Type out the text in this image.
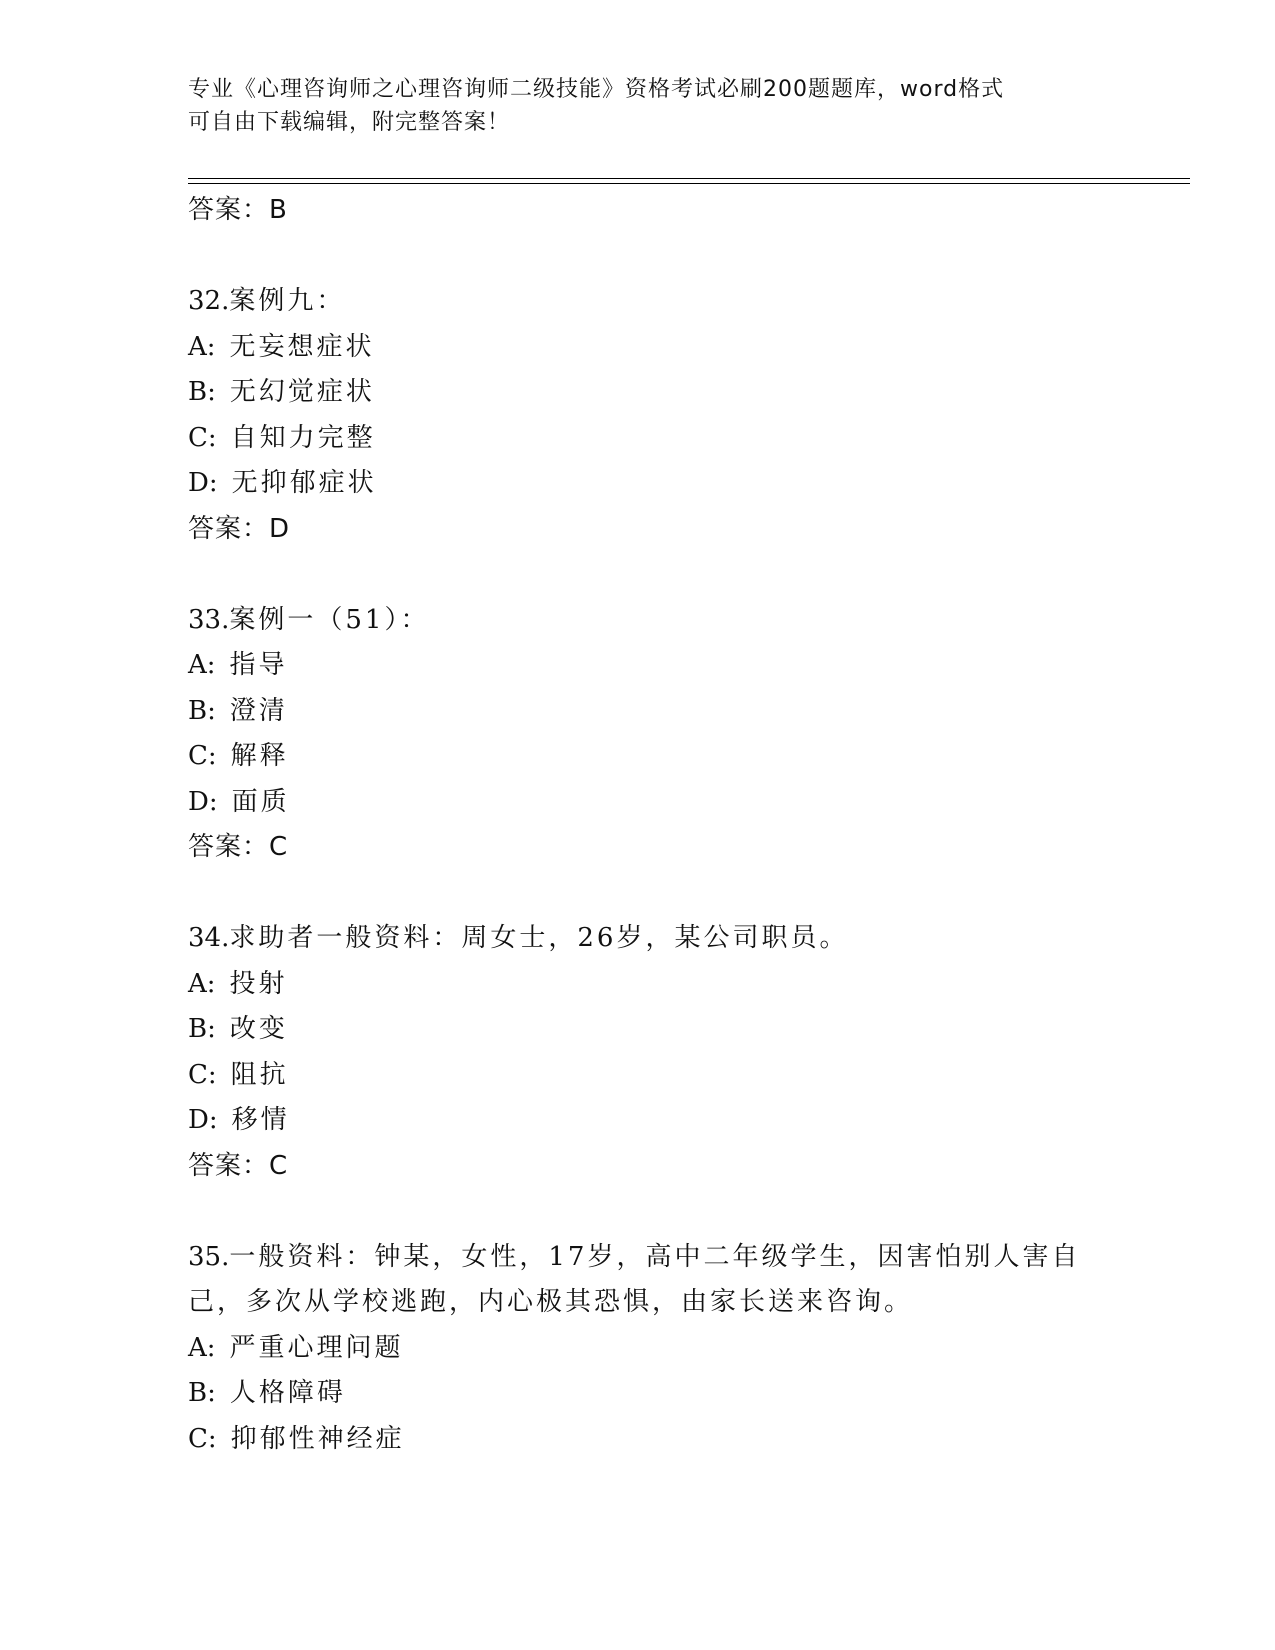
专业《心理咨询师之心理咨询师二级技能》资格考试必刷200题题库，word格式
可自由下载编辑，附完整答案！
答案：B
32.案例九：
A: 无妄想症状
B: 无幻觉症状
C: 自知力完整
D: 无抑郁症状
答案：D
33.案例一（51）：
A: 指导
B: 澄清
C: 解释
D: 面质
答案：C
34.求助者一般资料：周女士，26岁，某公司职员。
A: 投射
B: 改变
C: 阻抗
D: 移情
答案：C
35.一般资料：钟某，女性，17岁，高中二年级学生，因害怕别人害自
己，多次从学校逃跑，内心极其恐惧，由家长送来咨询。
A: 严重心理问题
B: 人格障碍
C: 抑郁性神经症
